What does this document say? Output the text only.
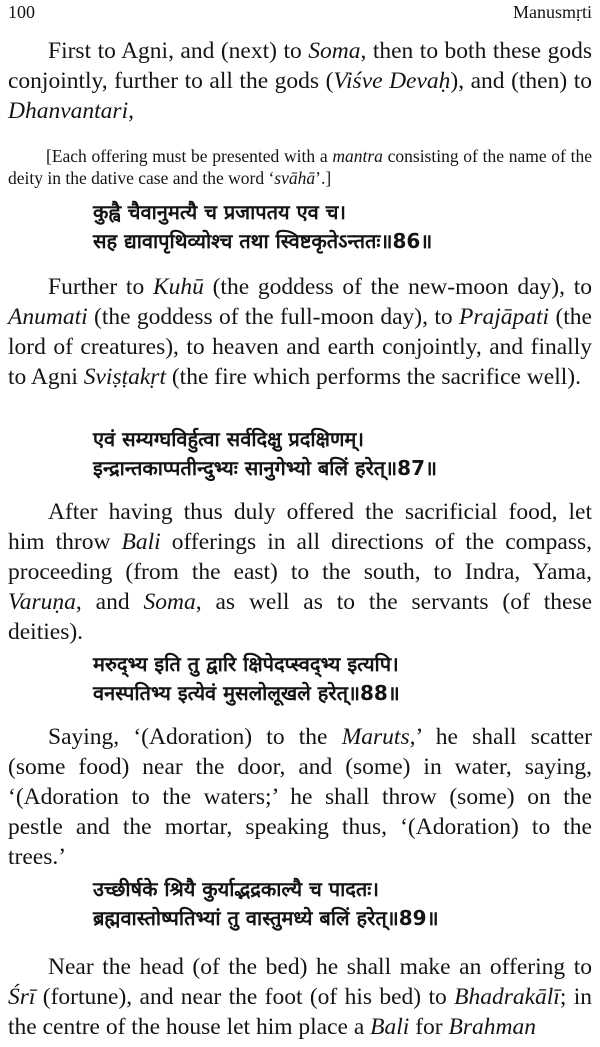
100	Manusmṛti

First to Agni, and (next) to Soma, then to both these gods conjointly, further to all the gods (Viśve Devaḥ), and (then) to Dhanvantari,

[Each offering must be presented with a mantra consisting of the name of the deity in the dative case and the word ‘svāhā’.]

कुह्वै चैवानुमत्यै च प्रजापतय एव च।
सह द्यावापृथिव्योश्च तथा स्विष्टकृतेऽन्ततः॥86॥

Further to Kuhū (the goddess of the new-moon day), to Anumati (the goddess of the full-moon day), to Prajāpati (the lord of creatures), to heaven and earth conjointly, and finally to Agni Sviṣṭakṛt (the fire which performs the sacrifice well).

एवं सम्यग्घविर्हुत्वा सर्वदिक्षु प्रदक्षिणम्।
इन्द्रान्तकाप्पतीन्दुभ्यः सानुगेभ्यो बलिं हरेत्॥87॥

After having thus duly offered the sacrificial food, let him throw Bali offerings in all directions of the compass, proceeding (from the east) to the south, to Indra, Yama, Varuṇa, and Soma, as well as to the servants (of these deities).

मरुद्भ्य इति तु द्वारि क्षिपेदप्स्वद्भ्य इत्यपि।
वनस्पतिभ्य इत्येवं मुसलोलूखले हरेत्॥88॥

Saying, ‘(Adoration) to the Maruts,’ he shall scatter (some food) near the door, and (some) in water, saying, ‘(Adoration to the waters;’ he shall throw (some) on the pestle and the mortar, speaking thus, ‘(Adoration) to the trees.’

उच्छीर्षके श्रियै कुर्याद्भद्रकाल्यै च पादतः।
ब्रह्मवास्तोष्पतिभ्यां तु वास्तुमध्ये बलिं हरेत्॥89॥

Near the head (of the bed) he shall make an offering to Śrī (fortune), and near the foot (of his bed) to Bhadrakālī; in the centre of the house let him place a Bali for Brahman
